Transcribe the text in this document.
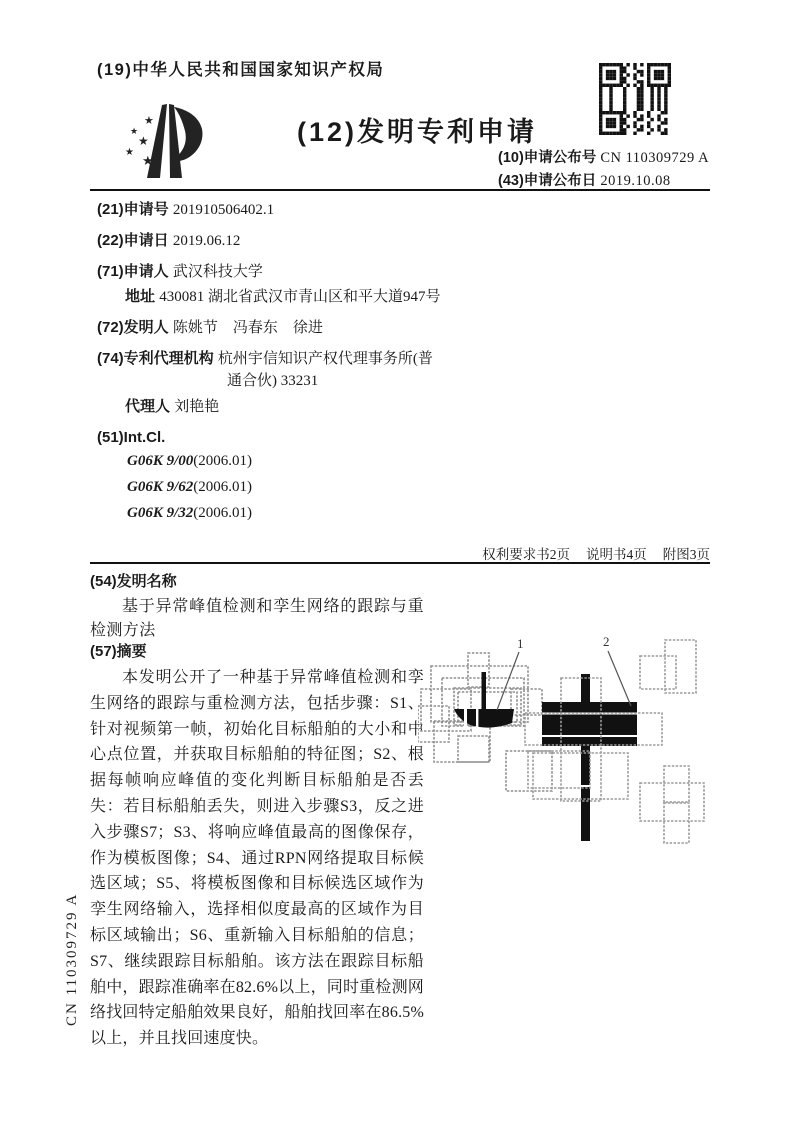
(19)中华人民共和国国家知识产权局
★
★
★
★
★
(12)发明专利申请
(10)申请公布号 CN 110309729 A
(43)申请公布日 2019.10.08
(21)申请号 201910506402.1
(22)申请日 2019.06.12
(71)申请人 武汉科技大学
地址 430081 湖北省武汉市青山区和平大道947号
(72)发明人 陈姚节　冯春东　徐进
(74)专利代理机构 杭州宇信知识产权代理事务所(普通合伙) 33231
代理人 刘艳艳
(51)Int.Cl.
G06K 9/00(2006.01)
G06K 9/62(2006.01)
G06K 9/32(2006.01)
权利要求书2页 说明书4页 附图3页
(54)发明名称
基于异常峰值检测和孪生网络的跟踪与重检测方法
(57)摘要
本发明公开了一种基于异常峰值检测和孪生网络的跟踪与重检测方法，包括步骤：S1、针对视频第一帧，初始化目标船舶的大小和中心点位置，并获取目标船舶的特征图；S2、根据每帧响应峰值的变化判断目标船舶是否丢失：若目标船舶丢失，则进入步骤S3，反之进入步骤S7；S3、将响应峰值最高的图像保存，作为模板图像；S4、通过RPN网络提取目标候选区域；S5、将模板图像和目标候选区域作为孪生网络输入，选择相似度最高的区域作为目标区域输出；S6、重新输入目标船舶的信息；S7、继续跟踪目标船舶。该方法在跟踪目标船舶中，跟踪准确率在82.6%以上，同时重检测网络找回特定船舶效果良好，船舶找回率在86.5%以上，并且找回速度快。
1	2
CN 110309729 A
